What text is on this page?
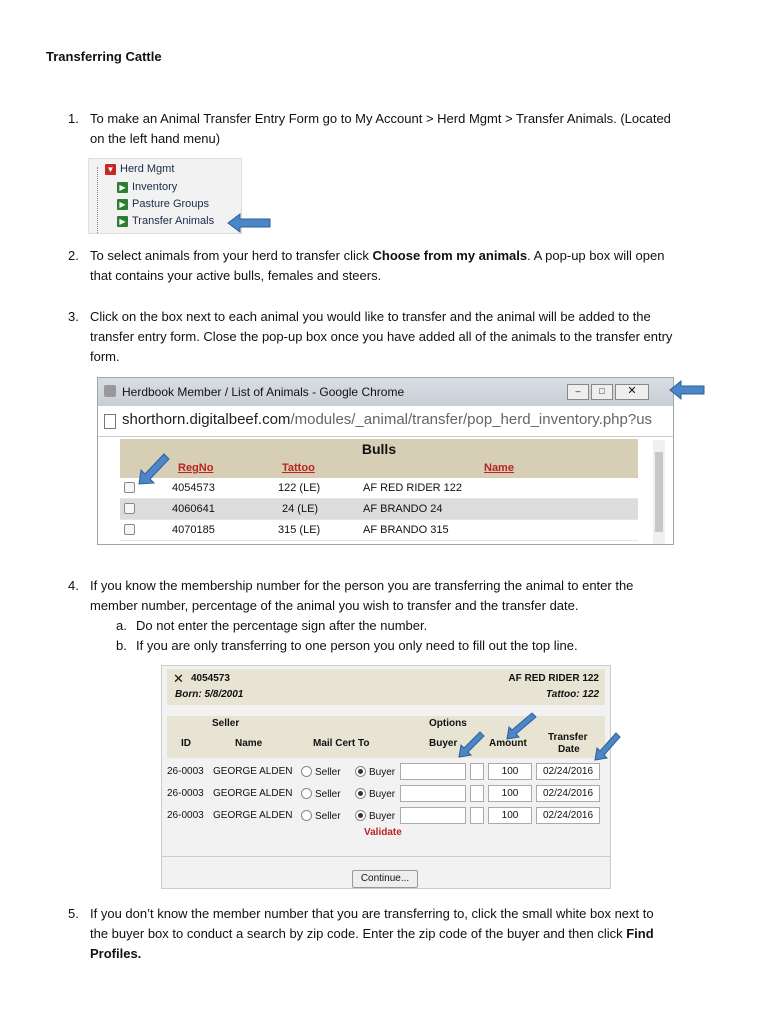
Transferring Cattle
1. To make an Animal Transfer Entry Form go to My Account > Herd Mgmt > Transfer Animals. (Located
on the left hand menu)
▼ Herd Mgmt
▶ Inventory
▶ Pasture Groups
▶ Transfer Animals
2. To select animals from your herd to transfer click Choose from my animals. A pop-up box will open
that contains your active bulls, females and steers.
3. Click on the box next to each animal you would like to transfer and the animal will be added to the
transfer entry form. Close the pop-up box once you have added all of the animals to the transfer entry
form.
Herdbook Member / List of Animals - Google Chrome	–	□	✕
shorthorn.digitalbeef.com/modules/_animal/transfer/pop_herd_inventory.php?us
Bulls
RegNo	Tattoo	Name
4054573	122 (LE)	AF RED RIDER 122
4060641	24 (LE)	AF BRANDO 24
4070185	315 (LE)	AF BRANDO 315
4. If you know the membership number for the person you are transferring the animal to enter the
member number, percentage of the animal you wish to transfer and the transfer date.
a. Do not enter the percentage sign after the number.
b. If you are only transferring to one person you only need to fill out the top line.
✕ 4054573	AF RED RIDER 122
Born: 5/8/2001	Tattoo: 122
Seller	Options
ID	Name	Mail Cert To	Buyer	Amount
Transfer
Date
26-0003 GEORGE ALDEN Seller	Buyer	100	02/24/2016
26-0003 GEORGE ALDEN Seller	Buyer	100	02/24/2016
26-0003 GEORGE ALDEN Seller	Buyer	100	02/24/2016
Validate
Continue...
5. If you don’t know the member number that you are transferring to, click the small white box next to
the buyer box to conduct a search by zip code. Enter the zip code of the buyer and then click Find
Profiles.
